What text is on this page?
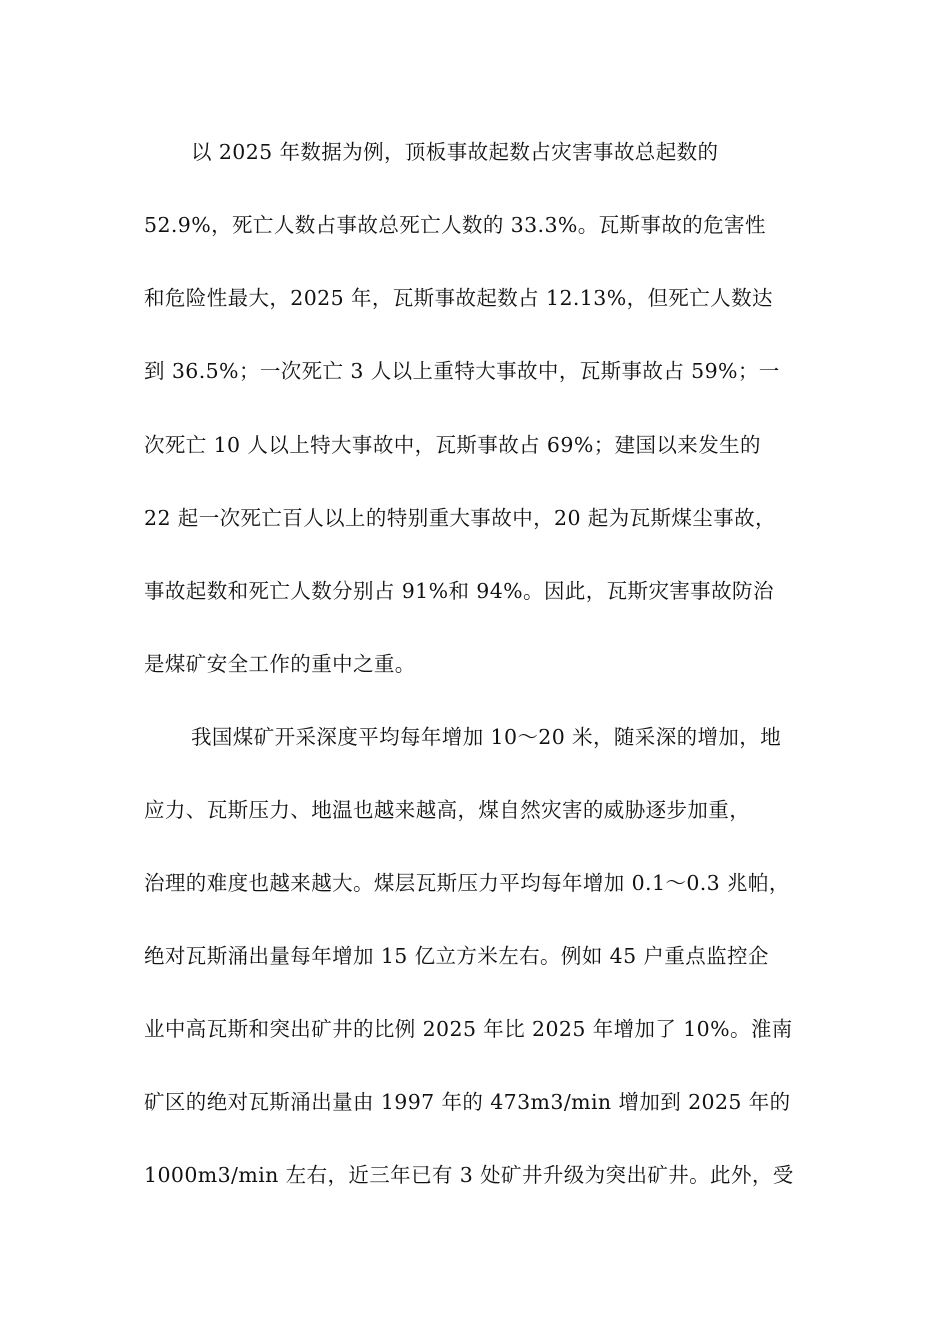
以 2025 年数据为例，顶板事故起数占灾害事故总起数的
52.9%，死亡人数占事故总死亡人数的 33.3%。瓦斯事故的危害性
和危险性最大，2025 年，瓦斯事故起数占 12.13%，但死亡人数达
到 36.5%；一次死亡 3 人以上重特大事故中，瓦斯事故占 59%；一
次死亡 10 人以上特大事故中，瓦斯事故占 69%；建国以来发生的
22 起一次死亡百人以上的特别重大事故中，20 起为瓦斯煤尘事故，
事故起数和死亡人数分别占 91%和 94%。因此，瓦斯灾害事故防治
是煤矿安全工作的重中之重。
我国煤矿开采深度平均每年增加 10～20 米，随采深的增加，地
应力、瓦斯压力、地温也越来越高，煤自然灾害的威胁逐步加重，
治理的难度也越来越大。煤层瓦斯压力平均每年增加 0.1～0.3 兆帕，
绝对瓦斯涌出量每年增加 15 亿立方米左右。例如 45 户重点监控企
业中高瓦斯和突出矿井的比例 2025 年比 2025 年增加了 10%。淮南
矿区的绝对瓦斯涌出量由 1997 年的 473m3/min 增加到 2025 年的
1000m3/min 左右，近三年已有 3 处矿井升级为突出矿井。此外，受
